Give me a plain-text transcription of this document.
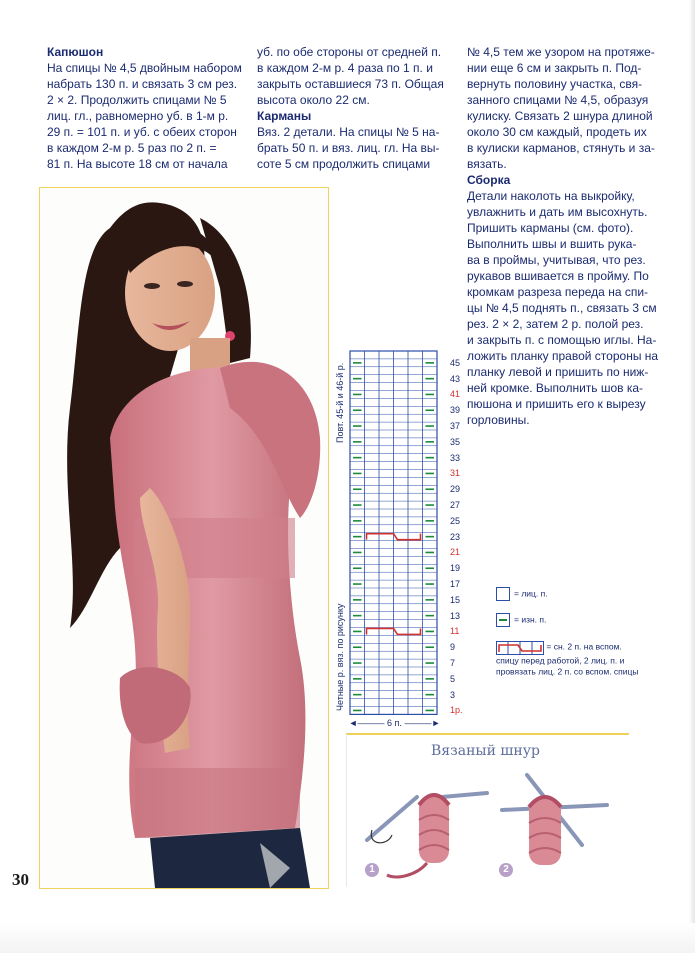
Капюшон

На спицы № 4,5 двойным набором

набрать 130 п. и связать 3 см рез.

2 × 2. Продолжить спицами № 5

лиц. гл., равномерно уб. в 1-м р.

29 п. = 101 п. и уб. с обеих сторон

в каждом 2-м р. 5 раз по 2 п. =

81 п. На высоте 18 см от начала

уб. по обе стороны от средней п.

в каждом 2-м р. 4 раза по 1 п. и

закрыть оставшиеся 73 п. Общая

высота около 22 см.

Карманы

Вяз. 2 детали. На спицы № 5 на-

брать 50 п. и вяз. лиц. гл. На вы-

соте 5 см продолжить спицами

№ 4,5 тем же узором на протяже-

нии еще 6 см и закрыть п. Под-

вернуть половину участка, свя-

занного спицами № 4,5, образуя

кулиску. Связать 2 шнура длиной

около 30 см каждый, продеть их

в кулиски карманов, стянуть и за-

вязать.

Сборка

Детали наколоть на выкройку,

увлажнить и дать им высохнуть.

Пришить карманы (см. фото).

Выполнить швы и вшить рука-

ва в проймы, учитывая, что рез.

рукавов вшивается в пройму. По

кромкам разреза переда на спи-

цы № 4,5 поднять п., связать 3 см

рез. 2 × 2, затем 2 р. полой рез.

и закрыть п. с помощью иглы. На-

ложить планку правой стороны на

планку левой и пришить по ниж-

ней кромке. Выполнить шов ка-

пюшона и пришить его к вырезу

горловины.

30
Повт. 45-й и 46-й р.
Четные р. вяз. по рисунку
45
43
41
39
37
35
33
31
29
27
25
23
21
19
17
15
13
11
9
7
5
3
1р.
◄——— 6 п. ———►
= лиц. п.
= изн. п.
= сн. 2 п. на вспом. спицу перед работой, 2 лиц. п. и провязать лиц. 2 п. со вспом. спицы
Вязаный шнур
1	2
